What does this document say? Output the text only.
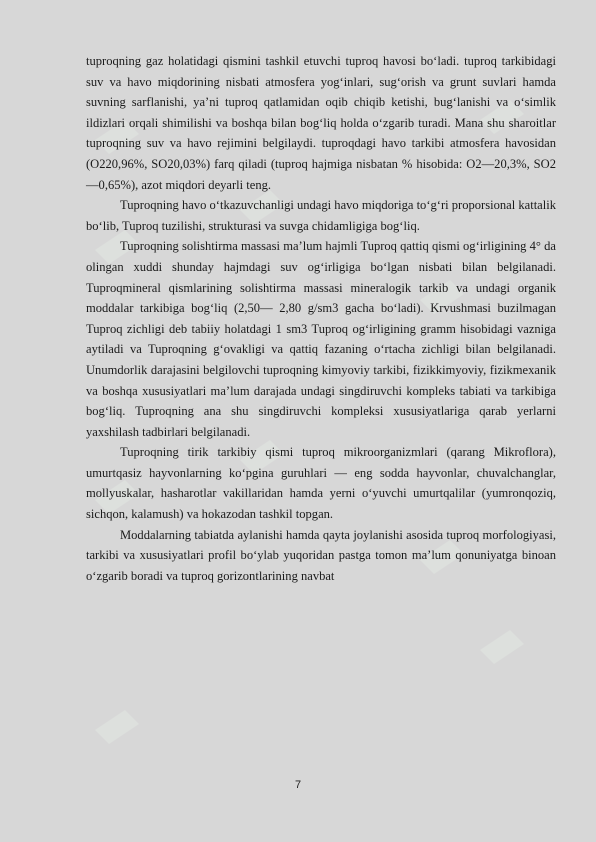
tuproqning gaz holatidagi qismini tashkil etuvchi tuproq havosi bo‘ladi. tuproq tarkibidagi suv va havo miqdorining nisbati atmosfera yog‘inlari, sug‘orish va grunt suvlari hamda suvning sarflanishi, ya’ni tuproq qatlamidan oqib chiqib ketishi, bug‘lanishi va o‘simlik ildizlari orqali shimilishi va boshqa bilan bog‘liq holda o‘zgarib turadi. Mana shu sharoitlar tuproqning suv va havo rejimini belgilaydi. tuproqdagi havo tarkibi atmosfera havosidan (O220,96%, SO20,03%) farq qiladi (tuproq hajmiga nisbatan % hisobida: O2—20,3%, SO2—0,65%), azot miqdori deyarli teng.

Tuproqning havo o‘tkazuvchanligi undagi havo miqdoriga to‘g‘ri proporsional kattalik bo‘lib, Tuproq tuzilishi, strukturasi va suvga chidamligiga bog‘liq.

Tuproqning solishtirma massasi ma’lum hajmli Tuproq qattiq qismi og‘irligining 4° da olingan xuddi shunday hajmdagi suv og‘irligiga bo‘lgan nisbati bilan belgilanadi. Tuproqmineral qismlarining solishtirma massasi mineralogik tarkib va undagi organik moddalar tarkibiga bog‘liq (2,50— 2,80 g/sm3 gacha bo‘ladi). Krvushmasi buzilmagan Tuproq zichligi deb tabiiy holatdagi 1 sm3 Tuproq og‘irligining gramm hisobidagi vazniga aytiladi va Tuproqning g‘ovakligi va qattiq fazaning o‘rtacha zichligi bilan belgilanadi. Unumdorlik darajasini belgilovchi tuproqning kimyoviy tarkibi, fizikkimyoviy, fizikmexanik va boshqa xususiyatlari ma’lum darajada undagi singdiruvchi kompleks tabiati va tarkibiga bog‘liq. Tuproqning ana shu singdiruvchi kompleksi xususiyatlariga qarab yerlarni yaxshilash tadbirlari belgilanadi.

Tuproqning tirik tarkibiy qismi tuproq mikroorganizmlari (qarang Mikroflora), umurtqasiz hayvonlarning ko‘pgina guruhlari — eng sodda hayvonlar, chuvalchanglar, mollyuskalar, hasharotlar vakillaridan hamda yerni o‘yuvchi umurtqalilar (yumronqoziq, sichqon, kalamush) va hokazodan tashkil topgan.

Moddalarning tabiatda aylanishi hamda qayta joylanishi asosida tuproq morfologiyasi, tarkibi va xususiyatlari profil bo‘ylab yuqoridan pastga tomon ma’lum qonuniyatga binoan o‘zgarib boradi va tuproq gorizontlarining navbat

7
